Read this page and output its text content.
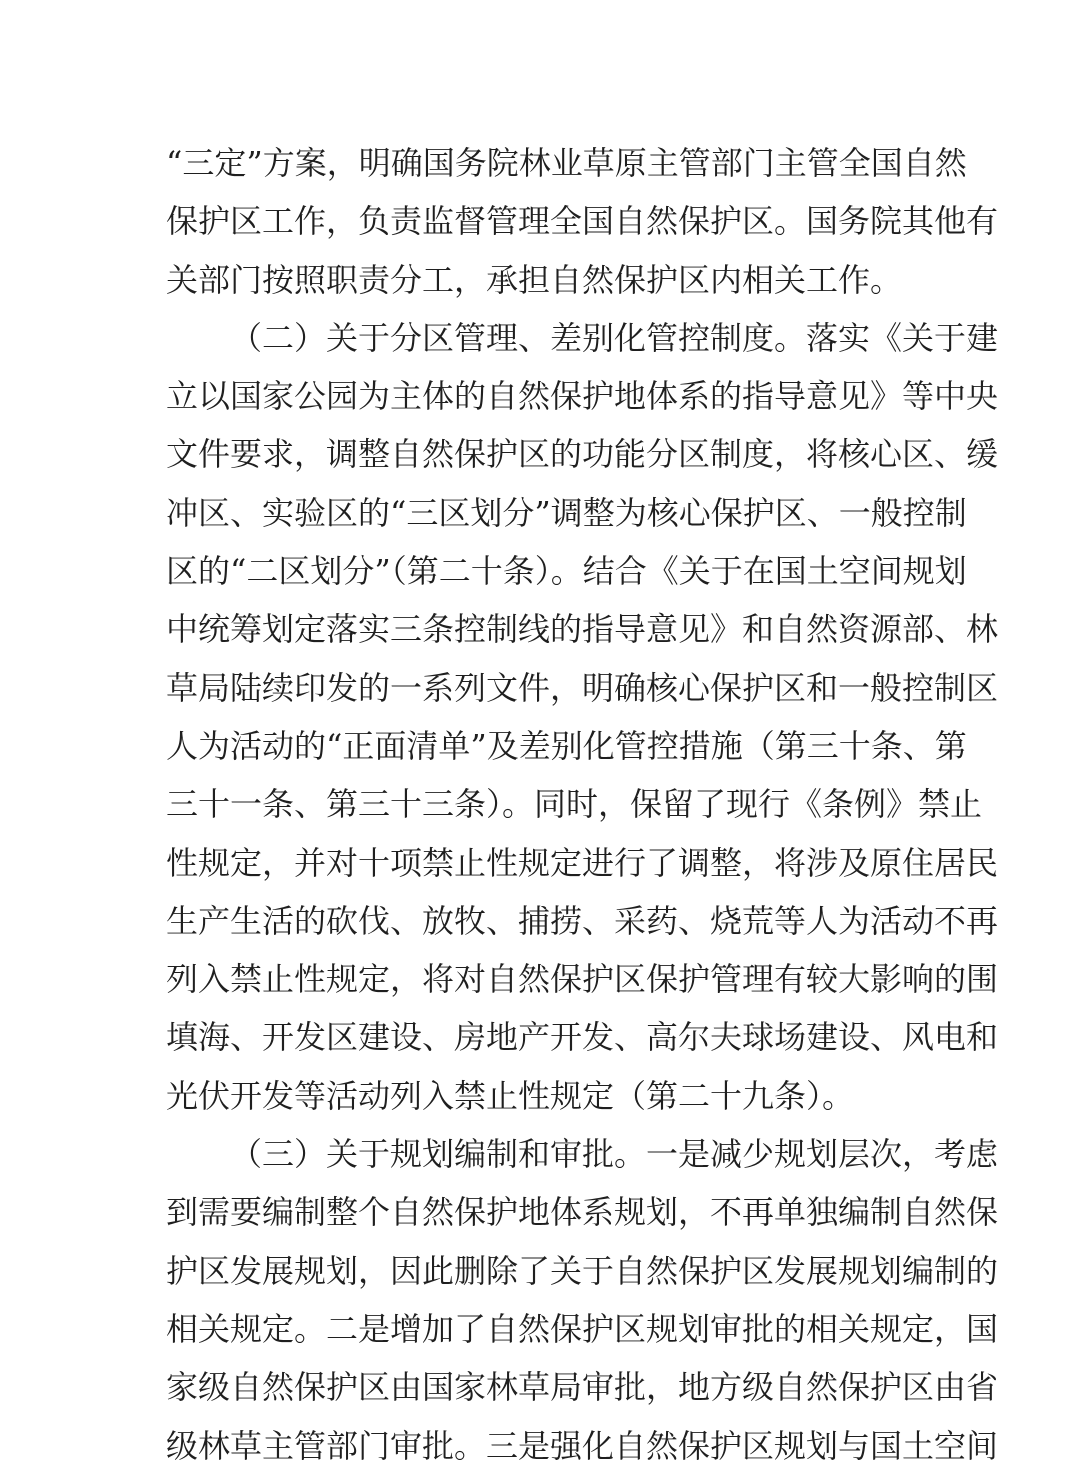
“三定”方案，明确国务院林业草原主管部门主管全国自然
保护区工作，负责监督管理全国自然保护区。国务院其他有
关部门按照职责分工，承担自然保护区内相关工作。
（二）关于分区管理、差别化管控制度。落实《关于建
立以国家公园为主体的自然保护地体系的指导意见》等中央
文件要求，调整自然保护区的功能分区制度，将核心区、缓
冲区、实验区的“三区划分”调整为核心保护区、一般控制
区的“二区划分”（第二十条）。结合《关于在国土空间规划
中统筹划定落实三条控制线的指导意见》和自然资源部、林
草局陆续印发的一系列文件，明确核心保护区和一般控制区
人为活动的“正面清单”及差别化管控措施（第三十条、第
三十一条、第三十三条）。同时，保留了现行《条例》禁止
性规定，并对十项禁止性规定进行了调整，将涉及原住居民
生产生活的砍伐、放牧、捕捞、采药、烧荒等人为活动不再
列入禁止性规定，将对自然保护区保护管理有较大影响的围
填海、开发区建设、房地产开发、高尔夫球场建设、风电和
光伏开发等活动列入禁止性规定（第二十九条）。
（三）关于规划编制和审批。一是减少规划层次，考虑
到需要编制整个自然保护地体系规划，不再单独编制自然保
护区发展规划，因此删除了关于自然保护区发展规划编制的
相关规定。二是增加了自然保护区规划审批的相关规定，国
家级自然保护区由国家林草局审批，地方级自然保护区由省
级林草主管部门审批。三是强化自然保护区规划与国土空间
